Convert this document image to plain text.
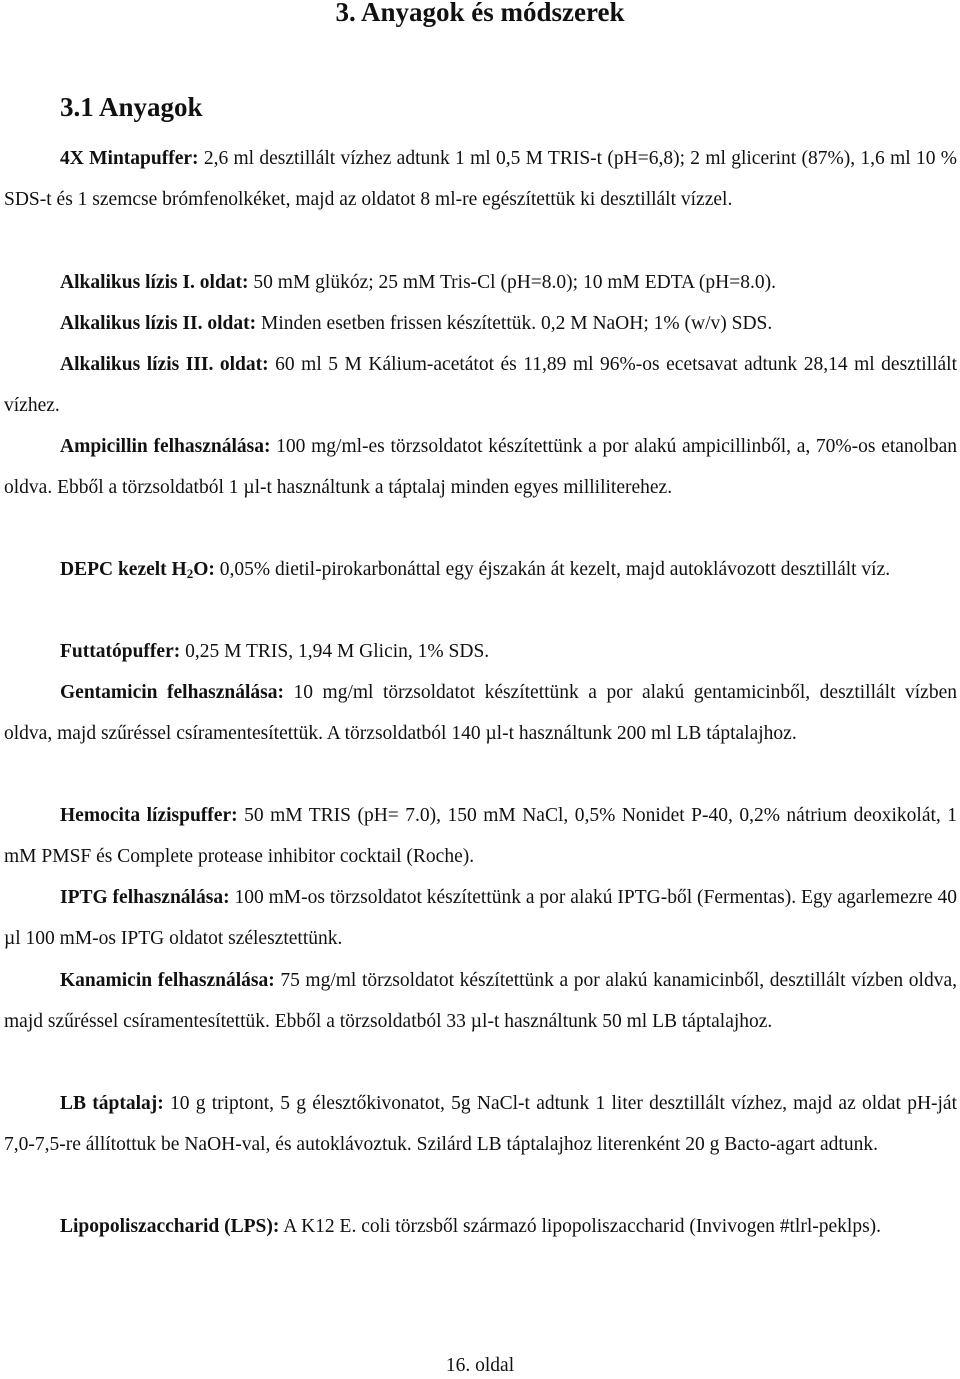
3. Anyagok és módszerek
3.1 Anyagok

4X Mintapuffer: 2,6 ml desztillált vízhez adtunk 1 ml 0,5 M TRIS-t (pH=6,8); 2 ml glicerint (87%), 1,6 ml 10 % SDS-t és 1 szemcse brómfenolkéket, majd az oldatot 8 ml-re egészítettük ki desztillált vízzel.

Alkalikus lízis I. oldat: 50 mM glükóz; 25 mM Tris-Cl (pH=8.0); 10 mM EDTA (pH=8.0).

Alkalikus lízis II. oldat: Minden esetben frissen készítettük. 0,2 M NaOH; 1% (w/v) SDS.

Alkalikus lízis III. oldat: 60 ml 5 M Kálium-acetátot és 11,89 ml 96%-os ecetsavat adtunk 28,14 ml desztillált vízhez.

Ampicillin felhasználása: 100 mg/ml-es törzsoldatot készítettünk a por alakú ampicillinből, a, 70%-os etanolban oldva. Ebből a törzsoldatból 1 µl-t használtunk a táptalaj minden egyes milliliterehez.

DEPC kezelt $H_2O$: 0,05% dietil-pirokarbonáttal egy éjszakán át kezelt, majd autoklávozott desztillált víz.

Futtatópuffer: 0,25 M TRIS, 1,94 M Glicin, 1% SDS.

Gentamicin felhasználása: 10 mg/ml törzsoldatot készítettünk a por alakú gentamicinből, desztillált vízben oldva, majd szűréssel csíramentesítettük. A törzsoldatból 140 µl-t használtunk 200 ml LB táptalajhoz.

Hemocita lízispuffer: 50 mM TRIS (pH= 7.0), 150 mM NaCl, 0,5% Nonidet P-40, 0,2% nátrium deoxikolát, 1 mM PMSF és Complete protease inhibitor cocktail (Roche).

IPTG felhasználása: 100 mM-os törzsoldatot készítettünk a por alakú IPTG-ből (Fermentas). Egy agarlemezre 40 µl 100 mM-os IPTG oldatot szélesztettünk.

Kanamicin felhasználása: 75 mg/ml törzsoldatot készítettünk a por alakú kanamicinből, desztillált vízben oldva, majd szűréssel csíramentesítettük. Ebből a törzsoldatból 33 µl-t használtunk 50 ml LB táptalajhoz.

LB táptalaj: 10 g triptont, 5 g élesztőkivonatot, 5g NaCl-t adtunk 1 liter desztillált vízhez, majd az oldat pH-ját 7,0-7,5-re állítottuk be NaOH-val, és autoklávoztuk. Szilárd LB táptalajhoz literenként 20 g Bacto-agart adtunk.

Lipopoliszaccharid (LPS): A K12 E. coli törzsből származó lipopoliszaccharid (Invivogen #tlrl-peklps).

16. oldal
